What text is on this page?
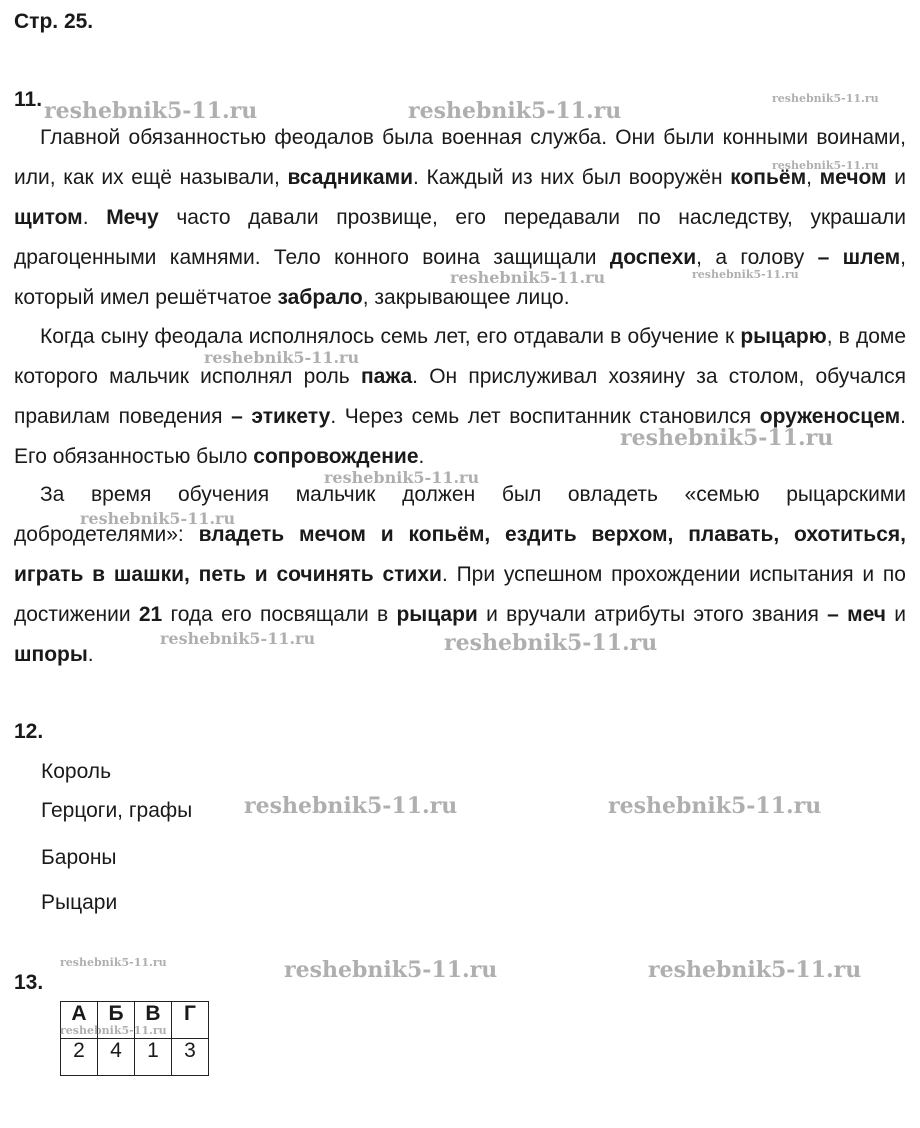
Стр. 25.
11.
Главной обязанностью феодалов была военная служба. Они были конными воинами, или, как их ещё называли, всадниками. Каждый из них был вооружён копьём, мечом и щитом. Мечу часто давали прозвище, его передавали по наследству, украшали драгоценными камнями. Тело конного воина защищали доспехи, а голову – шлем, который имел решётчатое забрало, закрывающее лицо.
Когда сыну феодала исполнялось семь лет, его отдавали в обучение к рыцарю, в доме которого мальчик исполнял роль пажа. Он прислуживал хозяину за столом, обучался правилам поведения – этикету. Через семь лет воспитанник становился оруженосцем. Его обязанностью было сопровождение.
За время обучения мальчик должен был овладеть «семью рыцарскими добродетелями»: владеть мечом и копьём, ездить верхом, плавать, охотиться, играть в шашки, петь и сочинять стихи. При успешном прохождении испытания и по достижении 21 года его посвящали в рыцари и вручали атрибуты этого звания – меч и шпоры.
12.
Король
Герцоги, графы
Бароны
Рыцари
13.
А	Б	В	Г
2	4	1	3
reshebnik5-11.ru	reshebnik5-11.ru	reshebnik5-11.ru
reshebnik5-11.ru
reshebnik5-11.ru	reshebnik5-11.ru
reshebnik5-11.ru
reshebnik5-11.ru
reshebnik5-11.ru
reshebnik5-11.ru
reshebnik5-11.ru	reshebnik5-11.ru
reshebnik5-11.ru	reshebnik5-11.ru
reshebnik5-11.ru	reshebnik5-11.ru	reshebnik5-11.ru
reshebnik5-11.ru
